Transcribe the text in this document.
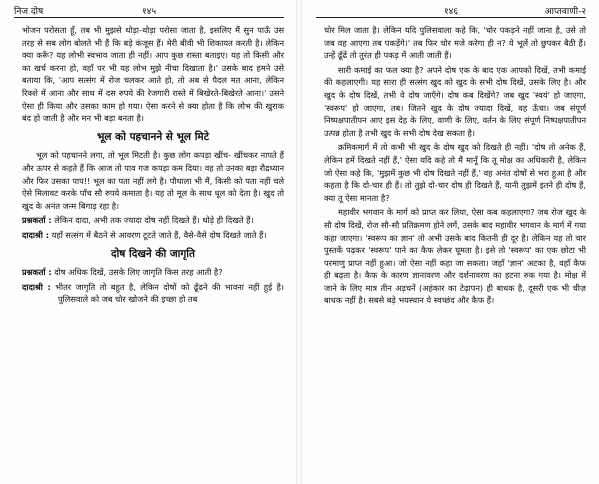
निज दोष	१४५

भोजन परोसता हूँ, तब भी मुझसे थोड़ा-थोड़ा परोसा जाता है, इसलिए मैं सुन पाऊँ उस तरह से सब लोग बोलते भी हैं कि बड़े कंजूस हैं। मेरी बीवी भी शिकायत करती है। लेकिन क्या करूँ? यह लोभी स्वभाव जाता ही नहीं। आप कुछ रास्ता बताइए। यह तो किसी और का खर्च करना हो, वहाँ पर भी यह लोभ मुझे नीचा दिखाता है।' उसके बाद हमने उसे बताया कि, 'आप सत्संग में रोज चलकर आते हो, तो अब से पैदल मत आना, लेकिन रिक्शे में आना और साथ में दस रुपये की रेजगारी रास्ते में बिखेरते-बिखेरते आना।' उसने ऐसा ही किया और उसका काम हो गया। ऐसा करने से क्या होता है कि लोभ की खुराक बंद हो जाती है और मन भी बड़ा बनता है।

भूल को पहचानने से भूल मिटे

भूल को पहचानने लगा, तो भूल मिटती है। कुछ लोग कपड़ा खींच- खींचकर नापते हैं और ऊपर से कहते हैं कि आज तो पाव गज कपड़ा कम दिया। वह तो उनका बड़ा रौद्रध्यान और फिर उसका पाप!! भूल का पता नहीं लगे है। पौधाला भी मैं, किसी को पता नहीं चले ऐसे मिलावट करके पाँच सौ रुपये कमाता है। यह तो मूल के साथ धूल को देता है। खुद तो खुद के अनंत जन्म बिगाड़ रहा है।

प्रश्नकर्ता : लेकिन दादा, अभी तक ज्यादा दोष नहीं दिखते हैं। थोड़े ही दिखते हैं।

दादाश्री : यहाँ सत्संग में बैठने से आवरण टूटते जाते हैं, वैसे-वैसे दोष दिखते जाते हैं।

दोष दिखने की जागृति

प्रश्नकर्ता : दोष अधिक दिखें, उसके लिए जागृति किस तरह आती है?

दादाश्री : भीतर जागृति तो बहुत है, लेकिन दोषों को ढूँढने की भावना नहीं हुई है। पुलिसवाले को जब चोर खोजने की इच्छा हो तब

१४६	आप्तवाणी-२

चोर मिल जाता है। लेकिन यदि पुलिसवाला कहे कि, 'चोर पकड़ने नहीं जाना है, उसे तो जब वह आएगा तब पकड़ेंगे।' तब फिर चोर मजे करेगा ही न? ये भूलें तो छुपकर बैठी हैं। उन्हें ढूँढें तो तुरंत ही पकड़ में आती जाती हैं।

सारी कमाई का फल क्या है? अपने दोष एक के बाद एक आपको दिखें, तभी कमाई की कहलाएगी। यह सारा ही सत्संग खुद को खुद के सभी दोष दिखें, उसके लिए है। और खुद के दोष दिखें, तभी वे दोष जाएँगे। दोष कब दिखेंगे? जब खुद 'स्वयं' हो जाएगा, 'स्वरूप' हो जाएगा, तब। जितने खुद के दोष ज्यादा दिखें, वह ऊँचा। जब संपूर्ण निष्पक्षपातीपन आए इस देह के लिए, वाणी के लिए, वर्तन के लिए संपूर्ण निष्पक्षपातीपन उत्पन्न होता है तभी खुद के सभी दोष देख सकता है।

क्रमिकमार्ग में तो कभी भी खुद के दोष खुद को दिखते ही नहीं। 'दोष तो अनेक हैं, लेकिन हमें दिखते नहीं हैं,' ऐसा यदि कहे तो मैं मानूँ कि तू मोक्ष का अधिकारी है, लेकिन जो ऐसा कहे कि, 'मुझमें कुछ भी दोष दिखते नहीं हैं,' वह अनंत दोषों से भरा हुआ है और कहता है कि दो-चार ही हैं। तो तुझे दो-चार दोष ही दिखते हैं, यानी तुझमें इतने ही दोष हैं, क्या तू ऐसा मानता है?

महावीर भगवान के मार्ग को प्राप्त कर लिया, ऐसा कब कहलाएगा? जब रोज खुद के सौ दोष दिखें, रोज सौ-सौ प्रतिक्रमण होने लगें, उसके बाद महावीर भगवान के मार्ग में गया कहा जाएगा। 'स्वरूप का ज्ञान' तो अभी उसके बाद कितनी ही दूर है। लेकिन यह तो चार पुस्तकें पढ़कर 'स्वरूप' पाने का कैफ लेकर घूमता है। इसे तो 'स्वरूप' का एक छोटा भी परमाणु प्राप्त नहीं हुआ। जो ऐसा नहीं कहा जा सकता। जहाँ 'ज्ञान' अटका है, वहाँ कैफ ही बढ़ता है। कैफ के कारण ज्ञानावरण और दर्शनावरण का हटना रुक गया है। मोक्ष में जाने के लिए मात्र तीन अड़चनें (अहंकार का टेढ़ापन) ही बाधक है, दूसरी एक भी चीज़ बाधक नहीं है। सबसे बड़े भयस्थान ये स्वच्छंद और कैफ हैं।
